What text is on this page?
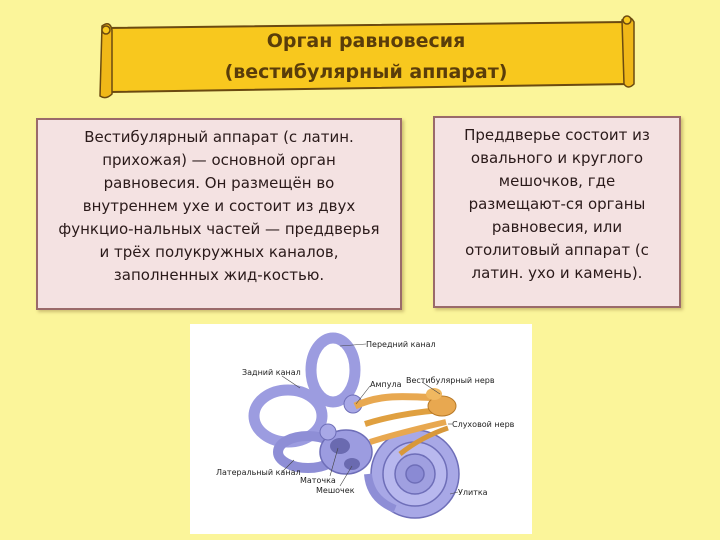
Орган равновесия
(вестибулярный аппарат)

Вестибулярный аппарат (с латин.
прихожая) — основной орган
равновесия. Он размещён во
внутреннем ухе и состоит из двух
функцио-нальных частей — преддверья
и трёх полукружных каналов,
заполненных жид-костью.

Преддверье состоит из
овального и круглого
мешочков, где
размещают-ся органы
равновесия, или
отолитовый аппарат (с
латин. ухо и камень).

Передний канал
Задний канал
Ампула Вестибулярный нерв
Слуховой нерв
Латеральный канал
Маточка
Мешочек	Улитка
